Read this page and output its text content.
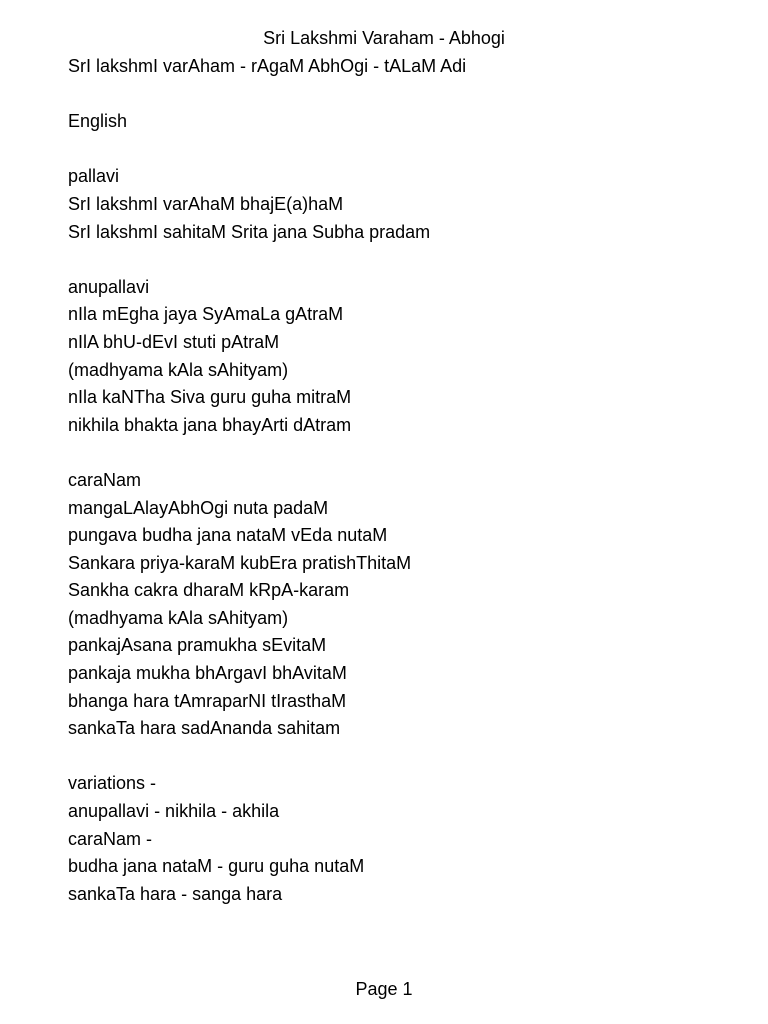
Sri Lakshmi Varaham - Abhogi
SrI lakshmI varAham - rAgaM AbhOgi - tALaM Adi
English
pallavi
SrI lakshmI varAhaM bhajE(a)haM
SrI lakshmI sahitaM Srita jana Subha pradam
anupallavi
nIla mEgha jaya SyAmaLa gAtraM
nIlA bhU-dEvI stuti pAtraM
(madhyama kAla sAhityam)
nIla kaNTha Siva guru guha mitraM
nikhila bhakta jana bhayArti dAtram
caraNam
mangaLAlayAbhOgi nuta padaM
pungava budha jana nataM vEda nutaM
Sankara priya-karaM kubEra pratishThitaM
Sankha cakra dharaM kRpA-karam
(madhyama kAla sAhityam)
pankajAsana pramukha sEvitaM
pankaja mukha bhArgavI bhAvitaM
bhanga hara tAmraparNI tIrasthaM
sankaTa hara sadAnanda sahitam
variations -
anupallavi - nikhila - akhila
caraNam -
budha jana nataM - guru guha nutaM
sankaTa hara - sanga hara
Page 1
